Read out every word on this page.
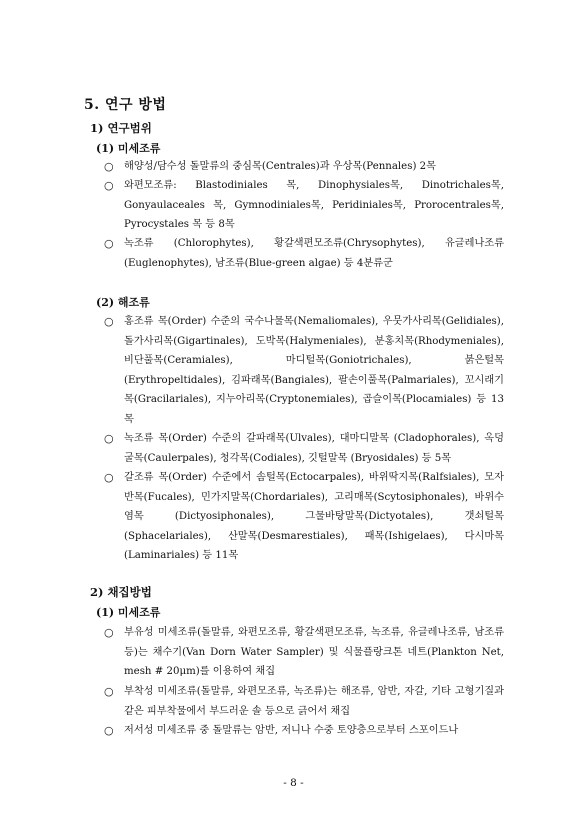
5. 연구 방법
1) 연구범위
(1) 미세조류
○ 해양성/담수성 돌말류의 중심목(Centrales)과 우상목(Pennales) 2목
○ 와편모조류: Blastodiniales 목, Dinophysiales목, Dinotrichales목, Gonyaulaceales 목, Gymnodiniales목, Peridiniales목, Prorocentrales목, Pyrocystales 목 등 8목
○ 녹조류 (Chlorophytes), 황갈색편모조류(Chrysophytes), 유글레나조류(Euglenophytes), 남조류(Blue-green algae) 등 4분류군
(2) 해조류
○ 홍조류 목(Order) 수준의 국수나물목(Nemaliomales), 우뭇가사리목(Gelidiales), 돌가사리목(Gigartinales), 도박목(Halymeniales), 분홍치목(Rhodymeniales), 비단풀목(Ceramiales), 마디털목(Goniotrichales), 붉은털목(Erythropeltidales), 김파래목(Bangiales), 팔손이풀목(Palmariales), 꼬시래기목(Gracilariales), 지누아리목(Cryptonemiales), 곱슬이목(Plocamiales) 등 13목
○ 녹조류 목(Order) 수준의 갈파래목(Ulvales), 대마디말목 (Cladophorales), 옥덩굴목(Caulerpales), 청각목(Codiales), 깃털말목 (Bryosidales) 등 5목
○ 갈조류 목(Order) 수준에서 솜털목(Ectocarpales), 바위딱지목(Ralfsiales), 모자반목(Fucales), 민가지말목(Chordariales), 고리매목(Scytosiphonales), 바위수염목 (Dictyosiphonales), 그물바탕말목(Dictyotales), 갯쇠털목(Sphacelariales), 산말목(Desmarestiales), 패목(Ishigelaes), 다시마목(Laminariales) 등 11목
2) 채집방법
(1) 미세조류
○ 부유성 미세조류(돌말류, 와편모조류, 황갈색편모조류, 녹조류, 유글레나조류, 남조류 등)는 채수기(Van Dorn Water Sampler) 및 식물플랑크톤 네트(Plankton Net, mesh # 20μm)를 이용하여 채집
○ 부착성 미세조류(돌말류, 와편모조류, 녹조류)는 해조류, 암반, 자갈, 기타 고형기질과 같은 피부착물에서 부드러운 솔 등으로 긁어서 채집
○ 저서성 미세조류 중 돌말류는 암반, 저니나 수중 토양층으로부터 스포이드나
- 8 -
